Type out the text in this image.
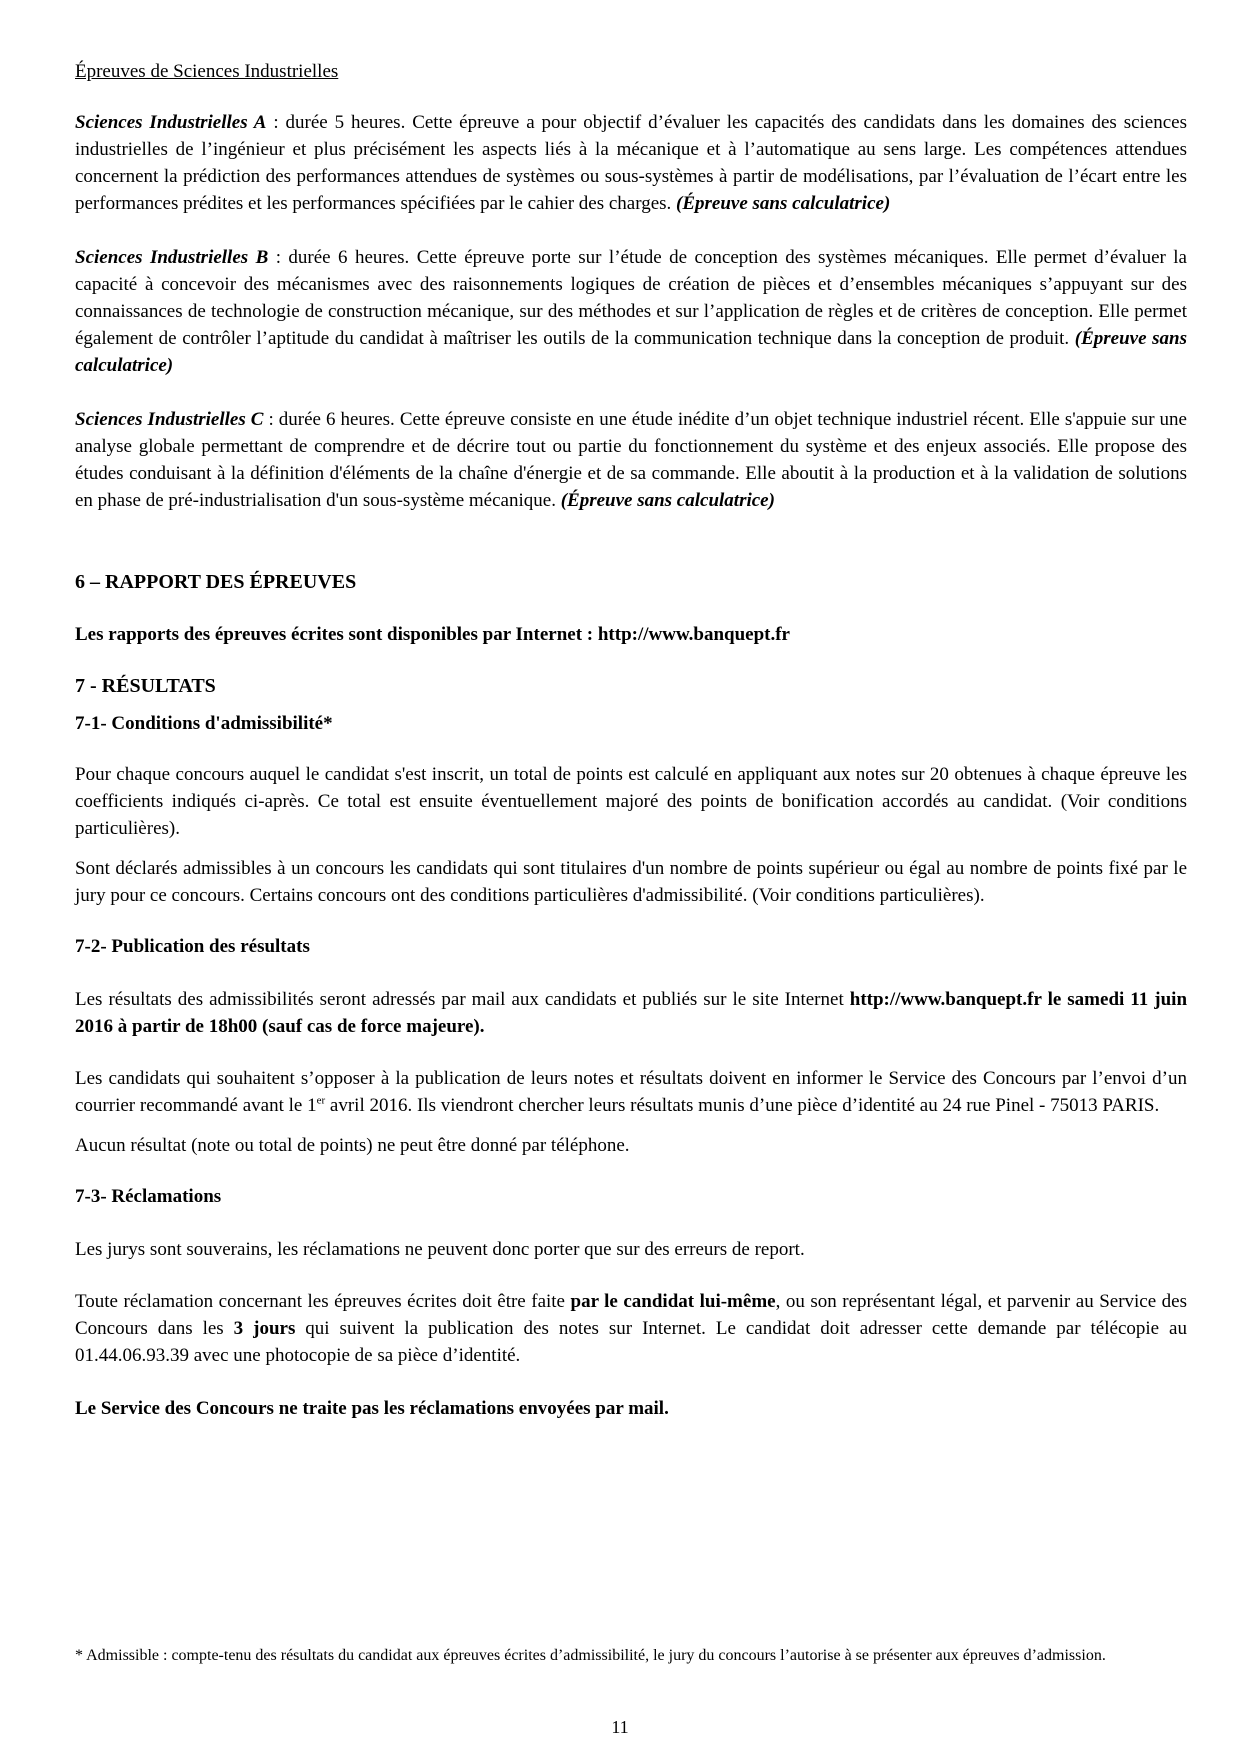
Épreuves de Sciences Industrielles

Sciences Industrielles A : durée 5 heures. Cette épreuve a pour objectif d’évaluer les capacités des candidats dans les domaines des sciences industrielles de l’ingénieur et plus précisément les aspects liés à la mécanique et à l’automatique au sens large. Les compétences attendues concernent la prédiction des performances attendues de systèmes ou sous-systèmes à partir de modélisations, par l’évaluation de l’écart entre les performances prédites et les performances spécifiées par le cahier des charges. (Épreuve sans calculatrice)

Sciences Industrielles B : durée 6 heures. Cette épreuve porte sur l’étude de conception des systèmes mécaniques. Elle permet d’évaluer la capacité à concevoir des mécanismes avec des raisonnements logiques de création de pièces et d’ensembles mécaniques s’appuyant sur des connaissances de technologie de construction mécanique, sur des méthodes et sur l’application de règles et de critères de conception. Elle permet également de contrôler l’aptitude du candidat à maîtriser les outils de la communication technique dans la conception de produit. (Épreuve sans calculatrice)

Sciences Industrielles C : durée 6 heures. Cette épreuve consiste en une étude inédite d’un objet technique industriel récent. Elle s'appuie sur une analyse globale permettant de comprendre et de décrire tout ou partie du fonctionnement du système et des enjeux associés. Elle propose des études conduisant à la définition d'éléments de la chaîne d'énergie et de sa commande. Elle aboutit à la production et à la validation de solutions en phase de pré-industrialisation d'un sous-système mécanique. (Épreuve sans calculatrice)

6 – RAPPORT DES ÉPREUVES

Les rapports des épreuves écrites sont disponibles par Internet : http://www.banquept.fr

7 - RÉSULTATS

7-1- Conditions d'admissibilité*

Pour chaque concours auquel le candidat s'est inscrit, un total de points est calculé en appliquant aux notes sur 20 obtenues à chaque épreuve les coefficients indiqués ci-après. Ce total est ensuite éventuellement majoré des points de bonification accordés au candidat. (Voir conditions particulières).

Sont déclarés admissibles à un concours les candidats qui sont titulaires d'un nombre de points supérieur ou égal au nombre de points fixé par le jury pour ce concours. Certains concours ont des conditions particulières d'admissibilité. (Voir conditions particulières).

7-2- Publication des résultats

Les résultats des admissibilités seront adressés par mail aux candidats et publiés sur le site Internet http://www.banquept.fr le samedi 11 juin 2016 à partir de 18h00 (sauf cas de force majeure).

Les candidats qui souhaitent s’opposer à la publication de leurs notes et résultats doivent en informer le Service des Concours par l’envoi d’un courrier recommandé avant le 1er avril 2016. Ils viendront chercher leurs résultats munis d’une pièce d’identité au 24 rue Pinel - 75013 PARIS.

Aucun résultat (note ou total de points) ne peut être donné par téléphone.

7-3- Réclamations

Les jurys sont souverains, les réclamations ne peuvent donc porter que sur des erreurs de report.

Toute réclamation concernant les épreuves écrites doit être faite par le candidat lui-même, ou son représentant légal, et parvenir au Service des Concours dans les 3 jours qui suivent la publication des notes sur Internet. Le candidat doit adresser cette demande par télécopie au 01.44.06.93.39 avec une photocopie de sa pièce d’identité.

Le Service des Concours ne traite pas les réclamations envoyées par mail.

* Admissible : compte-tenu des résultats du candidat aux épreuves écrites d’admissibilité, le jury du concours l’autorise à se présenter aux épreuves d’admission.
11
